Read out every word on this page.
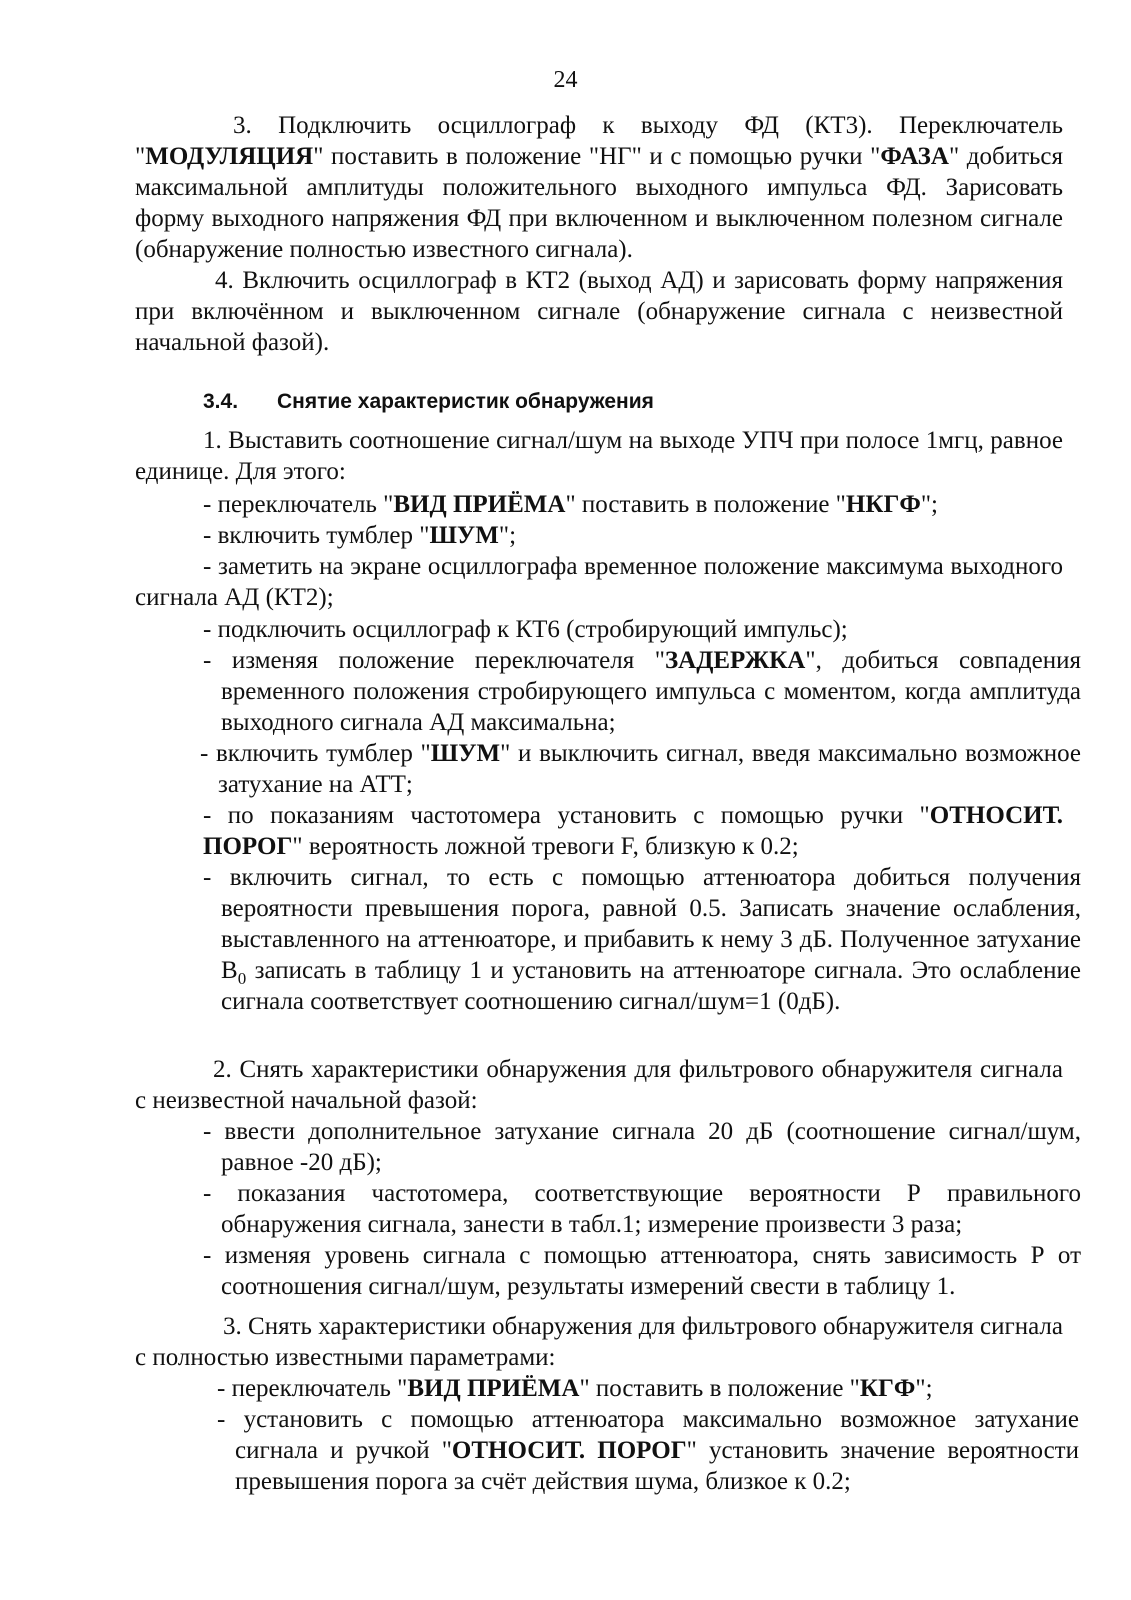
24
3. Подключить осциллограф к выходу ФД (КТ3). Переключатель "МОДУЛЯЦИЯ" поставить в положение "НГ" и с помощью ручки "ФАЗА" добиться максимальной амплитуды положительного выходного импульса ФД. Зарисовать форму выходного напряжения ФД при включенном и выключенном полезном сигнале (обнаружение полностью известного сигнала).
4. Включить осциллограф в КТ2 (выход АД) и зарисовать форму напряжения при включённом и выключенном сигнале (обнаружение сигнала с неизвестной начальной фазой).
3.4. Снятие характеристик обнаружения
1. Выставить соотношение сигнал/шум на выходе УПЧ при полосе 1мгц, равное единице. Для этого:
- переключатель "ВИД ПРИЁМА" поставить в положение "НКГФ";
- включить тумблер "ШУМ";
- заметить на экране осциллографа временное положение максимума выходного сигнала АД (КТ2);
- подключить осциллограф к КТ6 (стробирующий импульс);
- изменяя положение переключателя "ЗАДЕРЖКА", добиться совпадения временного положения стробирующего импульса с моментом, когда амплитуда выходного сигнала АД максимальна;
- включить тумблер "ШУМ" и выключить сигнал, введя максимально возможное затухание на АТТ;
- по показаниям частотомера установить с помощью ручки "ОТНОСИТ. ПОРОГ" вероятность ложной тревоги F, близкую к 0.2;
- включить сигнал, то есть с помощью аттенюатора добиться получения вероятности превышения порога, равной 0.5. Записать значение ослабления, выставленного на аттенюаторе, и прибавить к нему 3 дБ. Полученное затухание $В_0$ записать в таблицу 1 и установить на аттенюаторе сигнала. Это ослабление сигнала соответствует соотношению сигнал/шум=1 (0дБ).
2. Снять характеристики обнаружения для фильтрового обнаружителя сигнала с неизвестной начальной фазой:
- ввести дополнительное затухание сигнала 20 дБ (соотношение сигнал/шум, равное -20 дБ);
- показания частотомера, соответствующие вероятности Р правильного обнаружения сигнала, занести в табл.1; измерение произвести 3 раза;
- изменяя уровень сигнала с помощью аттенюатора, снять зависимость Р от соотношения сигнал/шум, результаты измерений свести в таблицу 1.
3. Снять характеристики обнаружения для фильтрового обнаружителя сигнала с полностью известными параметрами:
- переключатель "ВИД ПРИЁМА" поставить в положение "КГФ";
- установить с помощью аттенюатора максимально возможное затухание сигнала и ручкой "ОТНОСИТ. ПОРОГ" установить значение вероятности превышения порога за счёт действия шума, близкое к 0.2;
